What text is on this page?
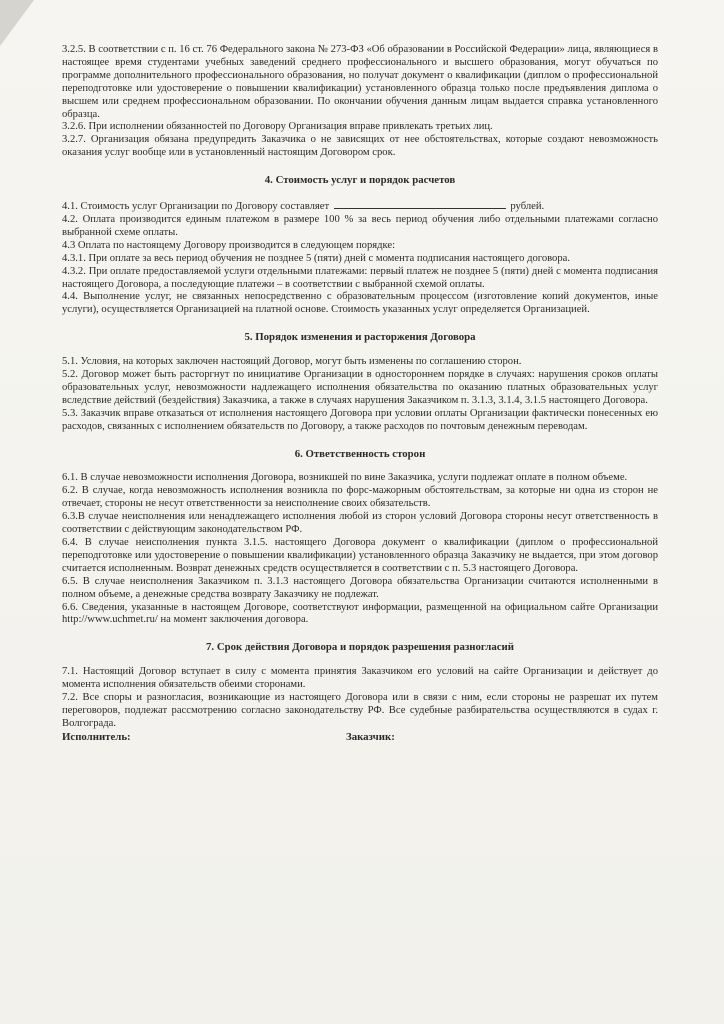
3.2.5. В соответствии с п. 16 ст. 76 Федерального закона № 273-ФЗ «Об образовании в Российской Федерации» лица, являющиеся в настоящее время студентами учебных заведений среднего профессионального и высшего образования, могут обучаться по программе дополнительного профессионального образования, но получат документ о квалификации (диплом о профессиональной переподготовке или удостоверение о повышении квалификации) установленного образца только после предъявления диплома о высшем или среднем профессиональном образовании. По окончании обучения данным лицам выдается справка установленного образца.

3.2.6. При исполнении обязанностей по Договору Организация вправе привлекать третьих лиц.

3.2.7. Организация обязана предупредить Заказчика о не зависящих от нее обстоятельствах, которые создают невозможность оказания услуг вообще или в установленный настоящим Договором срок.

4. Стоимость услуг и порядок расчетов

4.1. Стоимость услуг Организации по Договору составляет	рублей.

4.2. Оплата производится единым платежом в размере 100 % за весь период обучения либо отдельными платежами согласно выбранной схеме оплаты.

4.3 Оплата по настоящему Договору производится в следующем порядке:

4.3.1. При оплате за весь период обучения не позднее 5 (пяти) дней с момента подписания настоящего договора.

4.3.2. При оплате предоставляемой услуги отдельными платежами: первый платеж не позднее 5 (пяти) дней с момента подписания настоящего Договора, а последующие платежи – в соответствии с выбранной схемой оплаты.

4.4. Выполнение услуг, не связанных непосредственно с образовательным процессом (изготовление копий документов, иные услуги), осуществляется Организацией на платной основе. Стоимость указанных услуг определяется Организацией.

5. Порядок изменения и расторжения Договора

5.1. Условия, на которых заключен настоящий Договор, могут быть изменены по соглашению сторон.

5.2. Договор может быть расторгнут по инициативе Организации в одностороннем порядке в случаях: нарушения сроков оплаты образовательных услуг, невозможности надлежащего исполнения обязательства по оказанию платных образовательных услуг вследствие действий (бездействия) Заказчика, а также в случаях нарушения Заказчиком п. 3.1.3, 3.1.4, 3.1.5 настоящего Договора.

5.3. Заказчик вправе отказаться от исполнения настоящего Договора при условии оплаты Организации фактически понесенных ею расходов, связанных с исполнением обязательств по Договору, а также расходов по почтовым денежным переводам.

6. Ответственность сторон

6.1. В случае невозможности исполнения Договора, возникшей по вине Заказчика, услуги подлежат оплате в полном объеме.

6.2. В случае, когда невозможность исполнения возникла по форс-мажорным обстоятельствам, за которые ни одна из сторон не отвечает, стороны не несут ответственности за неисполнение своих обязательств.

6.3.В случае неисполнения или ненадлежащего исполнения любой из сторон условий Договора стороны несут ответственность в соответствии с действующим законодательством РФ.

6.4. В случае неисполнения пункта 3.1.5. настоящего Договора документ о квалификации (диплом о профессиональной переподготовке или удостоверение о повышении квалификации) установленного образца Заказчику не выдается, при этом договор считается исполненным. Возврат денежных средств осуществляется в соответствии с п. 5.3 настоящего Договора.

6.5. В случае неисполнения Заказчиком п. 3.1.3 настоящего Договора обязательства Организации считаются исполненными в полном объеме, а денежные средства возврату Заказчику не подлежат.

6.6. Сведения, указанные в настоящем Договоре, соответствуют информации, размещенной на официальном сайте Организации http://www.uchmet.ru/ на момент заключения договора.

7. Срок действия Договора и порядок разрешения разногласий

7.1. Настоящий Договор вступает в силу с момента принятия Заказчиком его условий на сайте Организации и действует до момента исполнения обязательств обеими сторонами.

7.2. Все споры и разногласия, возникающие из настоящего Договора или в связи с ним, если стороны не разрешат их путем переговоров, подлежат рассмотрению согласно законодательству РФ. Все судебные разбирательства осуществляются в судах г. Волгограда.

Исполнитель:	Заказчик:
